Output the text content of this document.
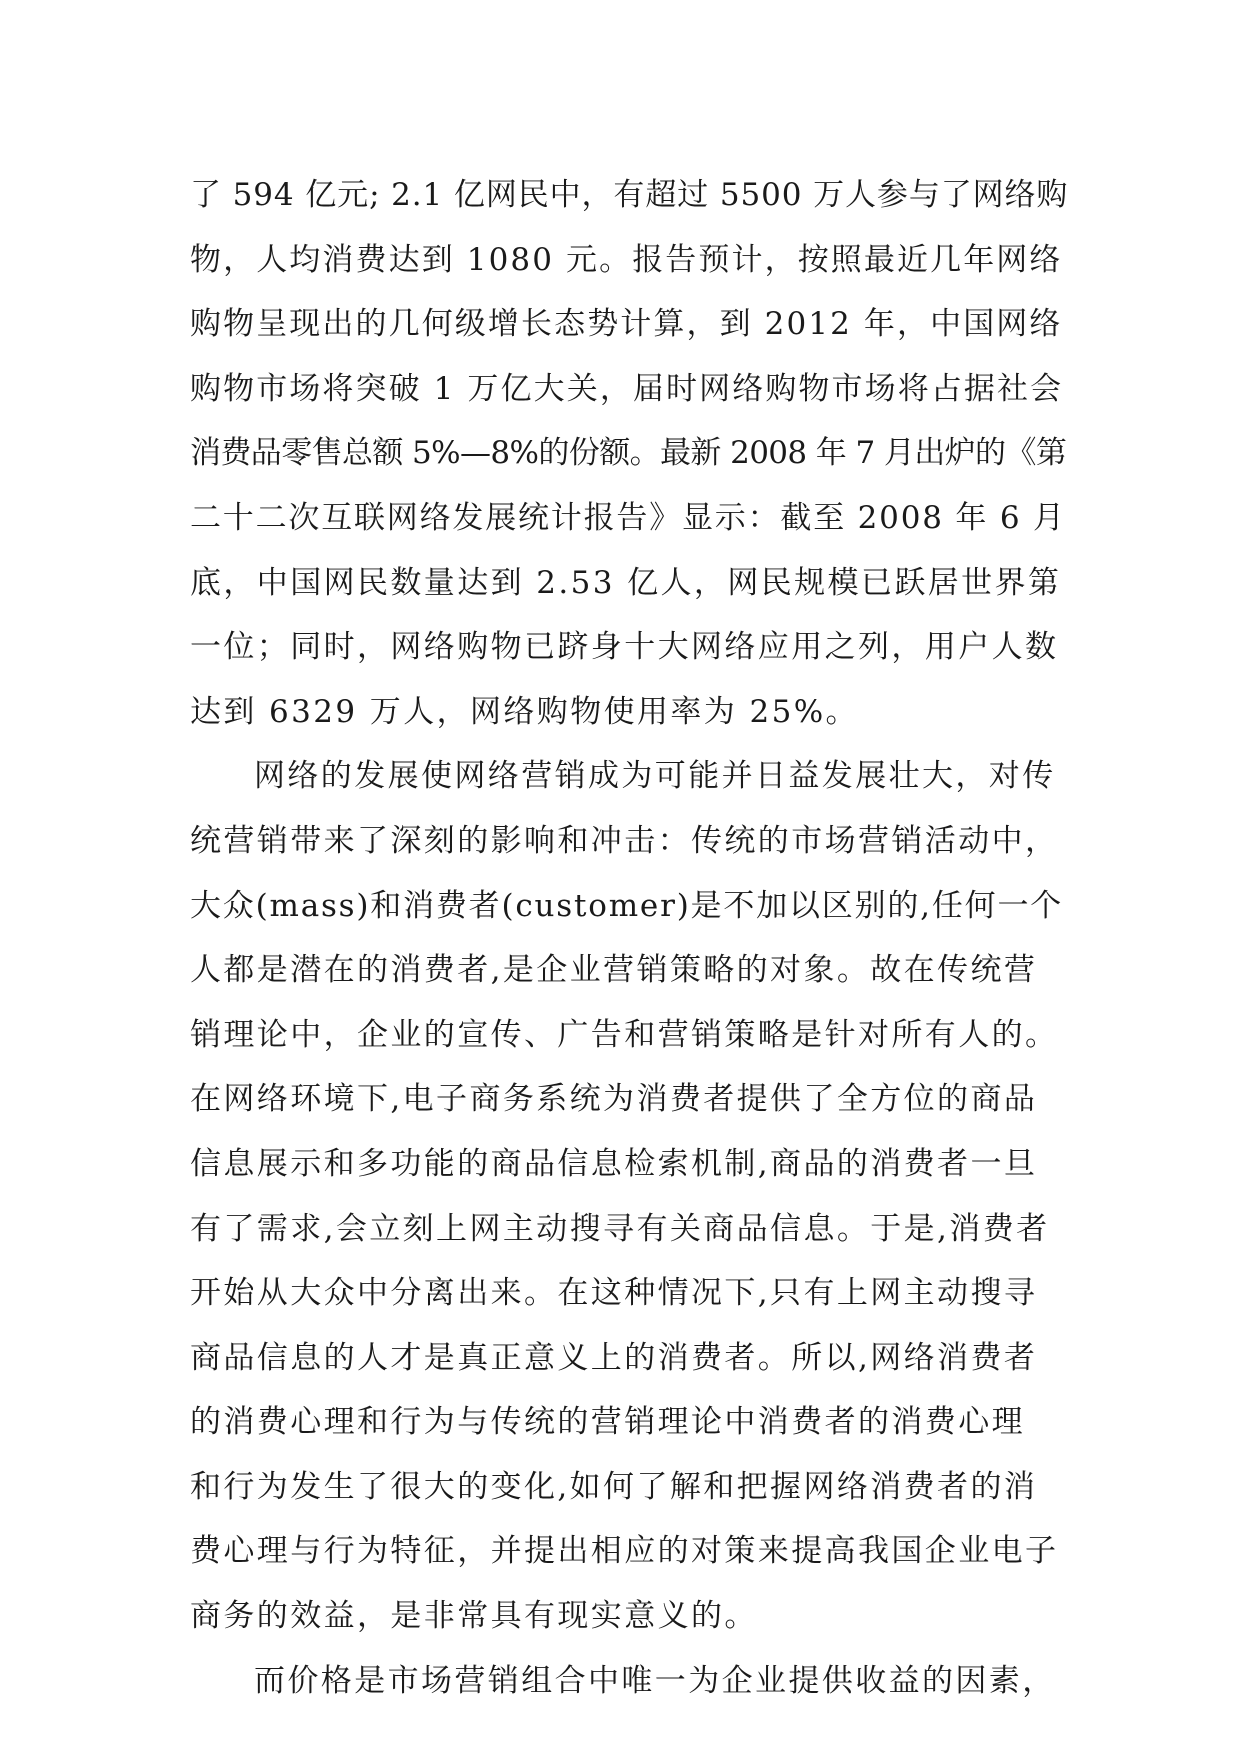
了 594 亿元; 2.1 亿网民中，有超过 5500 万人参与了网络购

物，人均消费达到 1080 元。报告预计，按照最近几年网络

购物呈现出的几何级增长态势计算，到 2012 年，中国网络

购物市场将突破 1 万亿大关，届时网络购物市场将占据社会

消费品零售总额 5%—8%的份额。最新 2008 年 7 月出炉的《第

二十二次互联网络发展统计报告》显示：截至 2008 年 6 月

底，中国网民数量达到 2.53 亿人，网民规模已跃居世界第

一位；同时，网络购物已跻身十大网络应用之列，用户人数

达到 6329 万人，网络购物使用率为 25%。

网络的发展使网络营销成为可能并日益发展壮大，对传

统营销带来了深刻的影响和冲击：传统的市场营销活动中，

大众(mass)和消费者(customer)是不加以区别的,任何一个

人都是潜在的消费者,是企业营销策略的对象。故在传统营

销理论中，企业的宣传、广告和营销策略是针对所有人的。

在网络环境下,电子商务系统为消费者提供了全方位的商品

信息展示和多功能的商品信息检索机制,商品的消费者一旦

有了需求,会立刻上网主动搜寻有关商品信息。于是,消费者

开始从大众中分离出来。在这种情况下,只有上网主动搜寻

商品信息的人才是真正意义上的消费者。所以,网络消费者

的消费心理和行为与传统的营销理论中消费者的消费心理

和行为发生了很大的变化,如何了解和把握网络消费者的消

费心理与行为特征，并提出相应的对策来提高我国企业电子

商务的效益，是非常具有现实意义的。

而价格是市场营销组合中唯一为企业提供收益的因素，
